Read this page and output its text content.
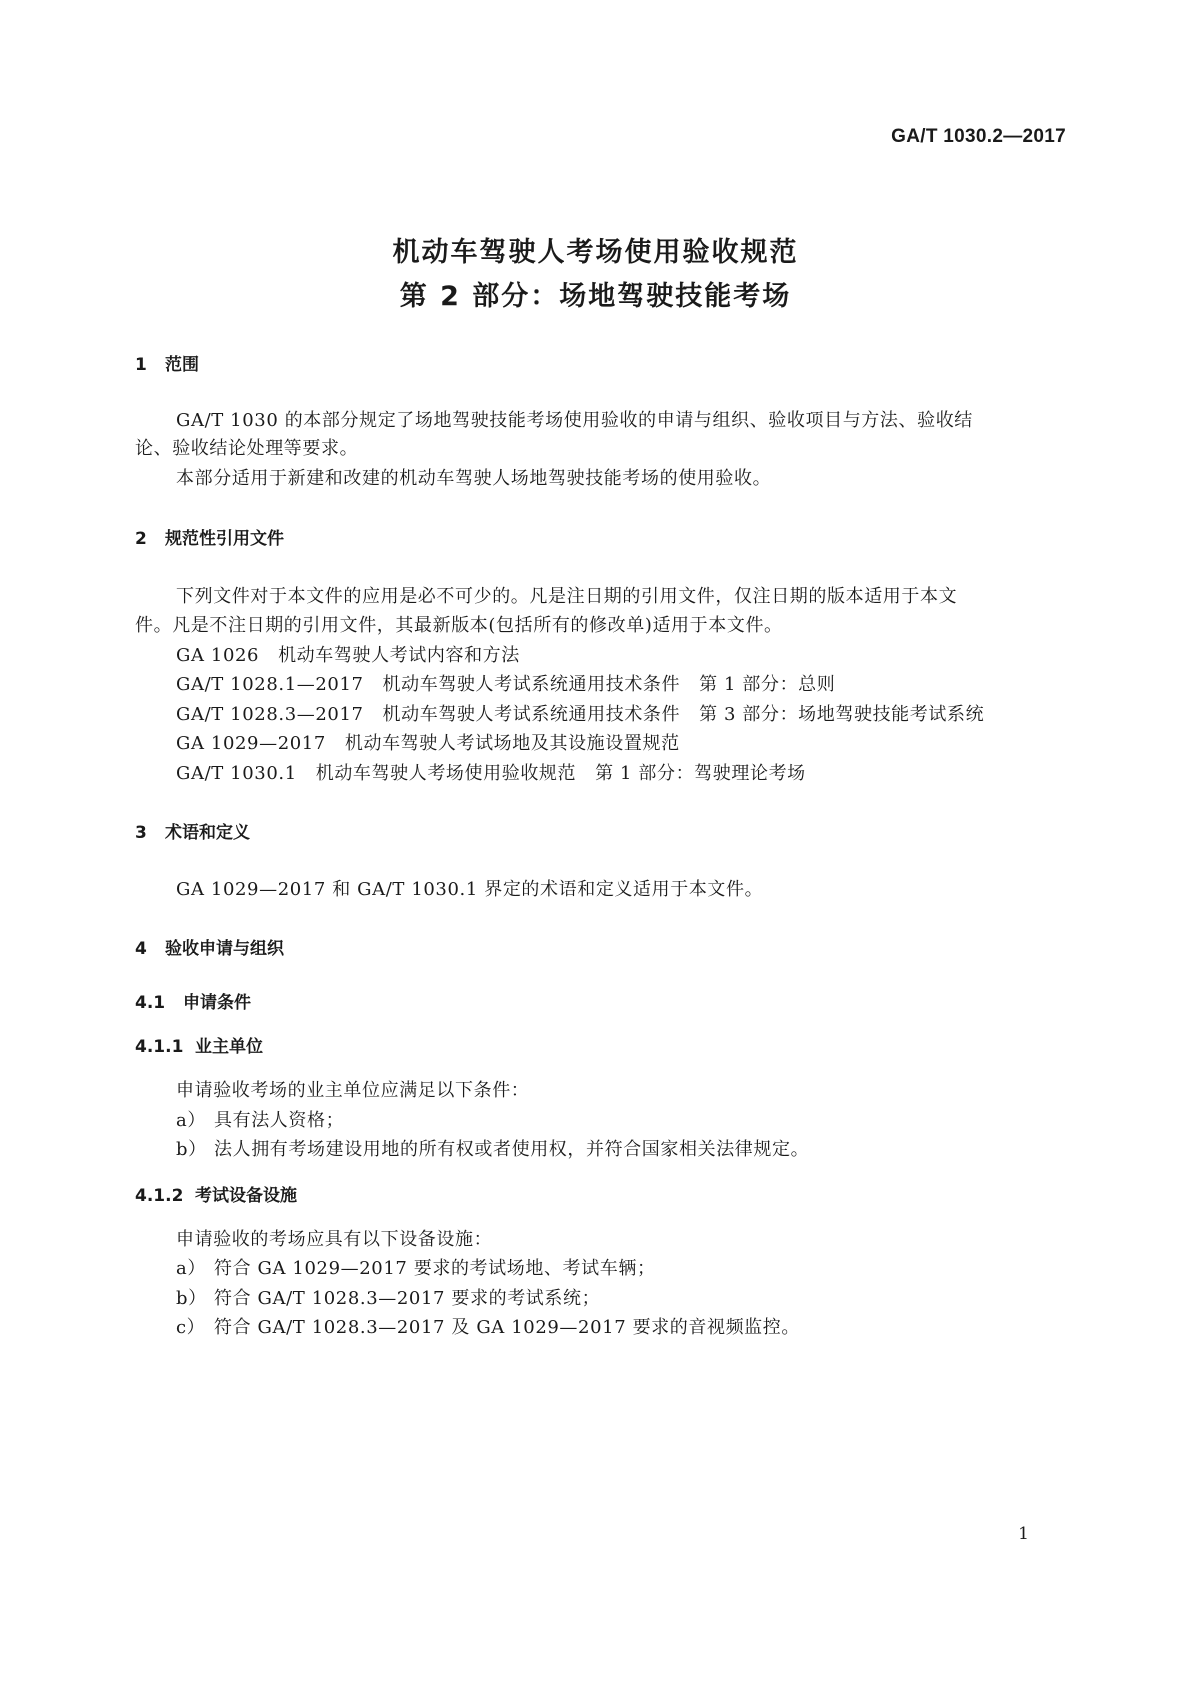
GA/T 1030.2—2017
机动车驾驶人考场使用验收规范
第 2 部分：场地驾驶技能考场
1 范围
GA/T 1030 的本部分规定了场地驾驶技能考场使用验收的申请与组织、验收项目与方法、验收结
论、验收结论处理等要求。
本部分适用于新建和改建的机动车驾驶人场地驾驶技能考场的使用验收。
2 规范性引用文件
下列文件对于本文件的应用是必不可少的。凡是注日期的引用文件，仅注日期的版本适用于本文
件。凡是不注日期的引用文件，其最新版本(包括所有的修改单)适用于本文件。
GA 1026   机动车驾驶人考试内容和方法
GA/T 1028.1—2017   机动车驾驶人考试系统通用技术条件   第 1 部分：总则
GA/T 1028.3—2017   机动车驾驶人考试系统通用技术条件   第 3 部分：场地驾驶技能考试系统
GA 1029—2017   机动车驾驶人考试场地及其设施设置规范
GA/T 1030.1   机动车驾驶人考场使用验收规范   第 1 部分：驾驶理论考场
3 术语和定义
GA 1029—2017 和 GA/T 1030.1 界定的术语和定义适用于本文件。
4 验收申请与组织
4.1 申请条件
4.1.1 业主单位
申请验收考场的业主单位应满足以下条件：
a） 具有法人资格；
b） 法人拥有考场建设用地的所有权或者使用权，并符合国家相关法律规定。
4.1.2 考试设备设施
申请验收的考场应具有以下设备设施：
a） 符合 GA 1029—2017 要求的考试场地、考试车辆；
b） 符合 GA/T 1028.3—2017 要求的考试系统；
c） 符合 GA/T 1028.3—2017 及 GA 1029—2017 要求的音视频监控。
1
